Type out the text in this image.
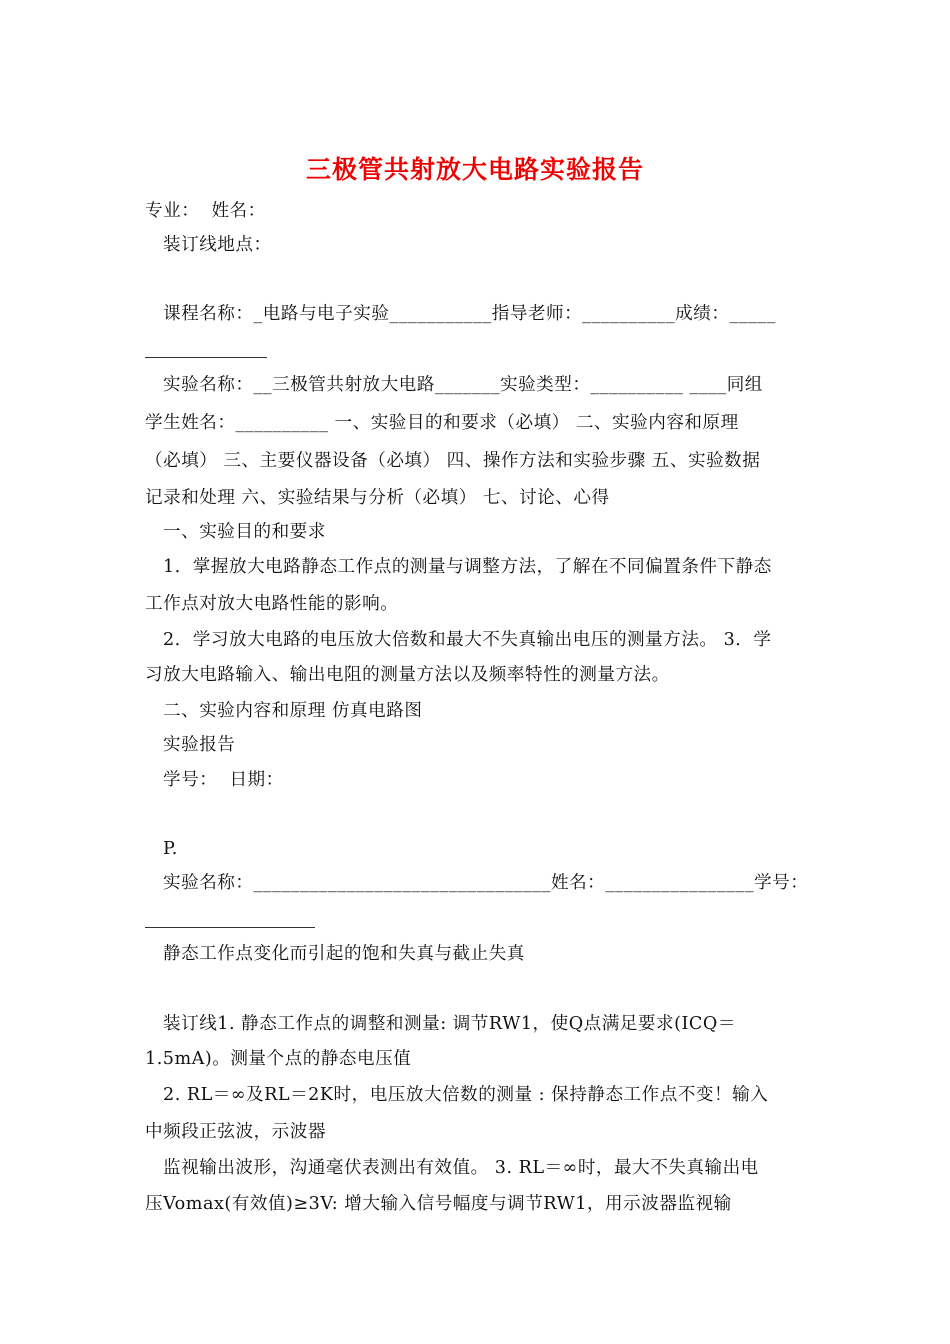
三极管共射放大电路实验报告
专业：  姓名：
装订线地点：
课程名称：_电路与电子实验___________指导老师：__________成绩：_____
实验名称：__三极管共射放大电路_______实验类型：__________ ____同组
学生姓名：__________ 一、实验目的和要求（必填） 二、实验内容和原理
（必填） 三、主要仪器设备（必填） 四、操作方法和实验步骤 五、实验数据
记录和处理 六、实验结果与分析（必填） 七、讨论、心得
一、实验目的和要求
1．掌握放大电路静态工作点的测量与调整方法，了解在不同偏置条件下静态
工作点对放大电路性能的影响。
2．学习放大电路的电压放大倍数和最大不失真输出电压的测量方法。 3．学
习放大电路输入、输出电阻的测量方法以及频率特性的测量方法。
二、实验内容和原理 仿真电路图
实验报告
学号：  日期：
P.
实验名称：________________________________姓名：________________学号：
静态工作点变化而引起的饱和失真与截止失真
装订线1. 静态工作点的调整和测量: 调节RW1，使Q点满足要求(ICQ＝
1.5mA)。测量个点的静态电压值
2. RL＝∞及RL＝2K时，电压放大倍数的测量 : 保持静态工作点不变！输入
中频段正弦波，示波器
监视输出波形，沟通毫伏表测出有效值。 3. RL＝∞时，最大不失真输出电
压Vomax(有效值)≥3V: 增大输入信号幅度与调节RW1，用示波器监视输
